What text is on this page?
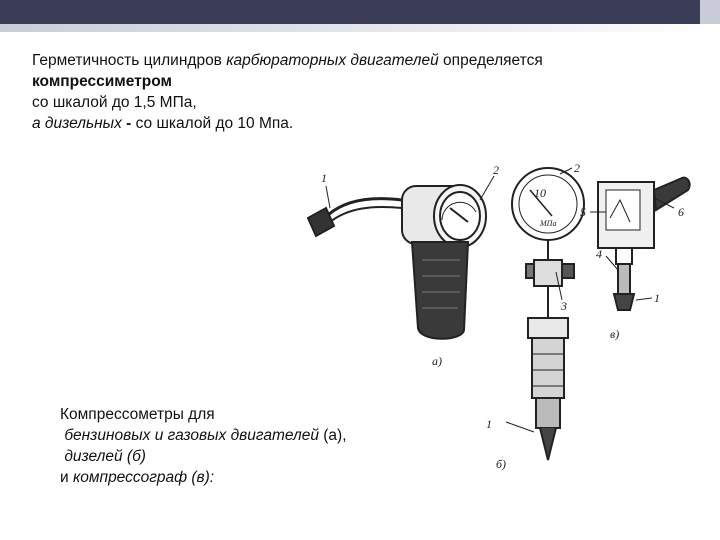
Герметичность цилиндров карбюраторных двигателей определяется

компрессиметром

со шкалой до 1,5 МПа,

а дизельных - со шкалой до 10 Мпа.

1
2
а)
10
МПа
2
3
1
б)
5	6
4
1
в)

Компрессометры для

бензиновых и газовых двигателей (а),

дизелей (б)

и компрессограф (в):
